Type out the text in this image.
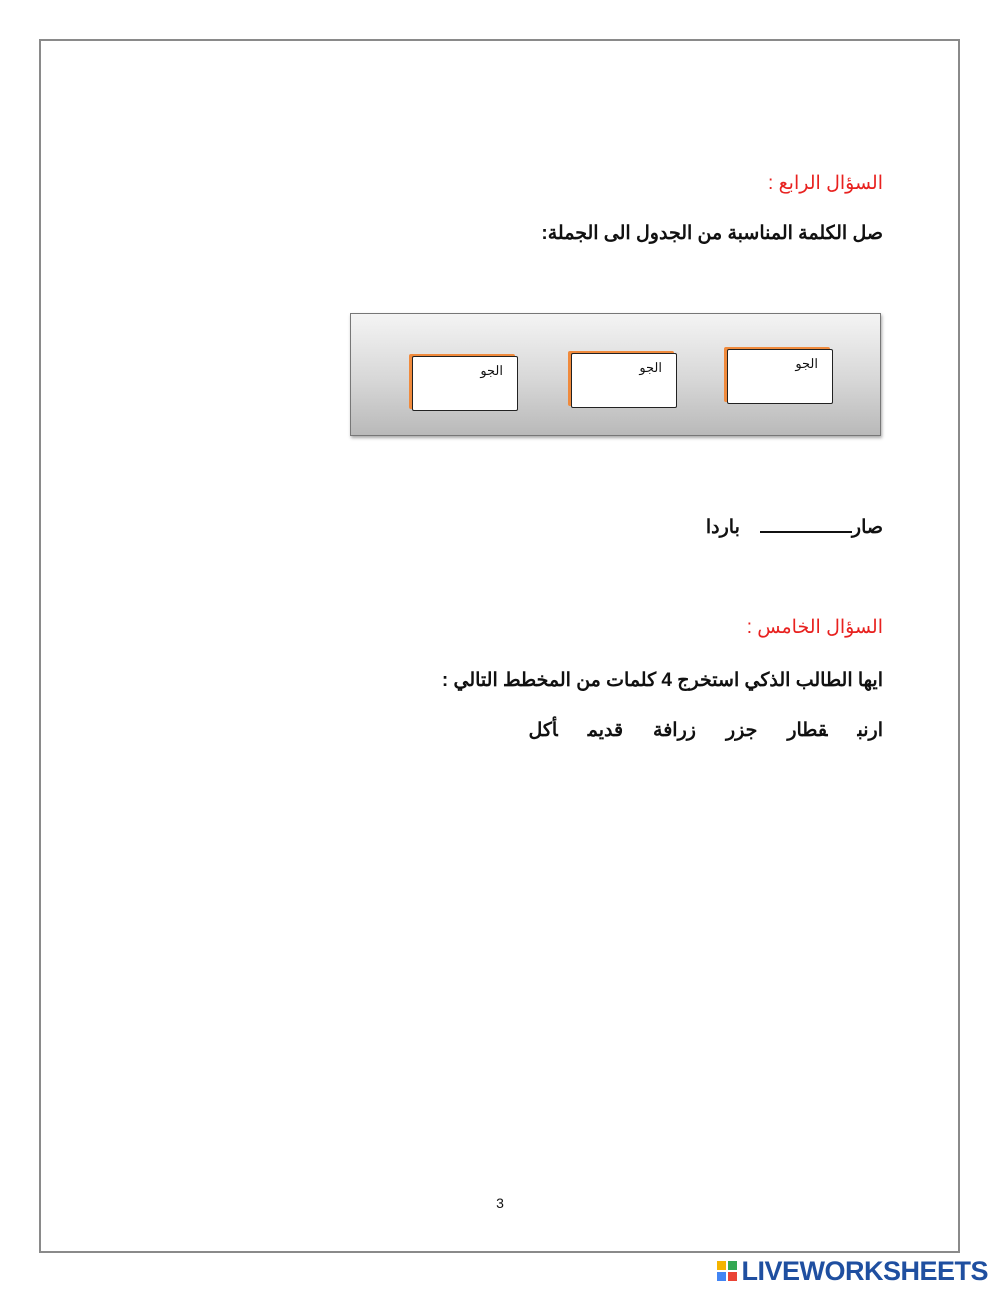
السؤال الرابع :
صل الكلمة المناسبة من الجدول الى الجملة:
الجو
الجو
الجو
صارباردا
السؤال الخامس :
ايها الطالب الذكي استخرج 4 كلمات من المخطط التالي :
ارنبقطارجزرزرافةقديمأكل
3
LIVEWORKSHEETS
